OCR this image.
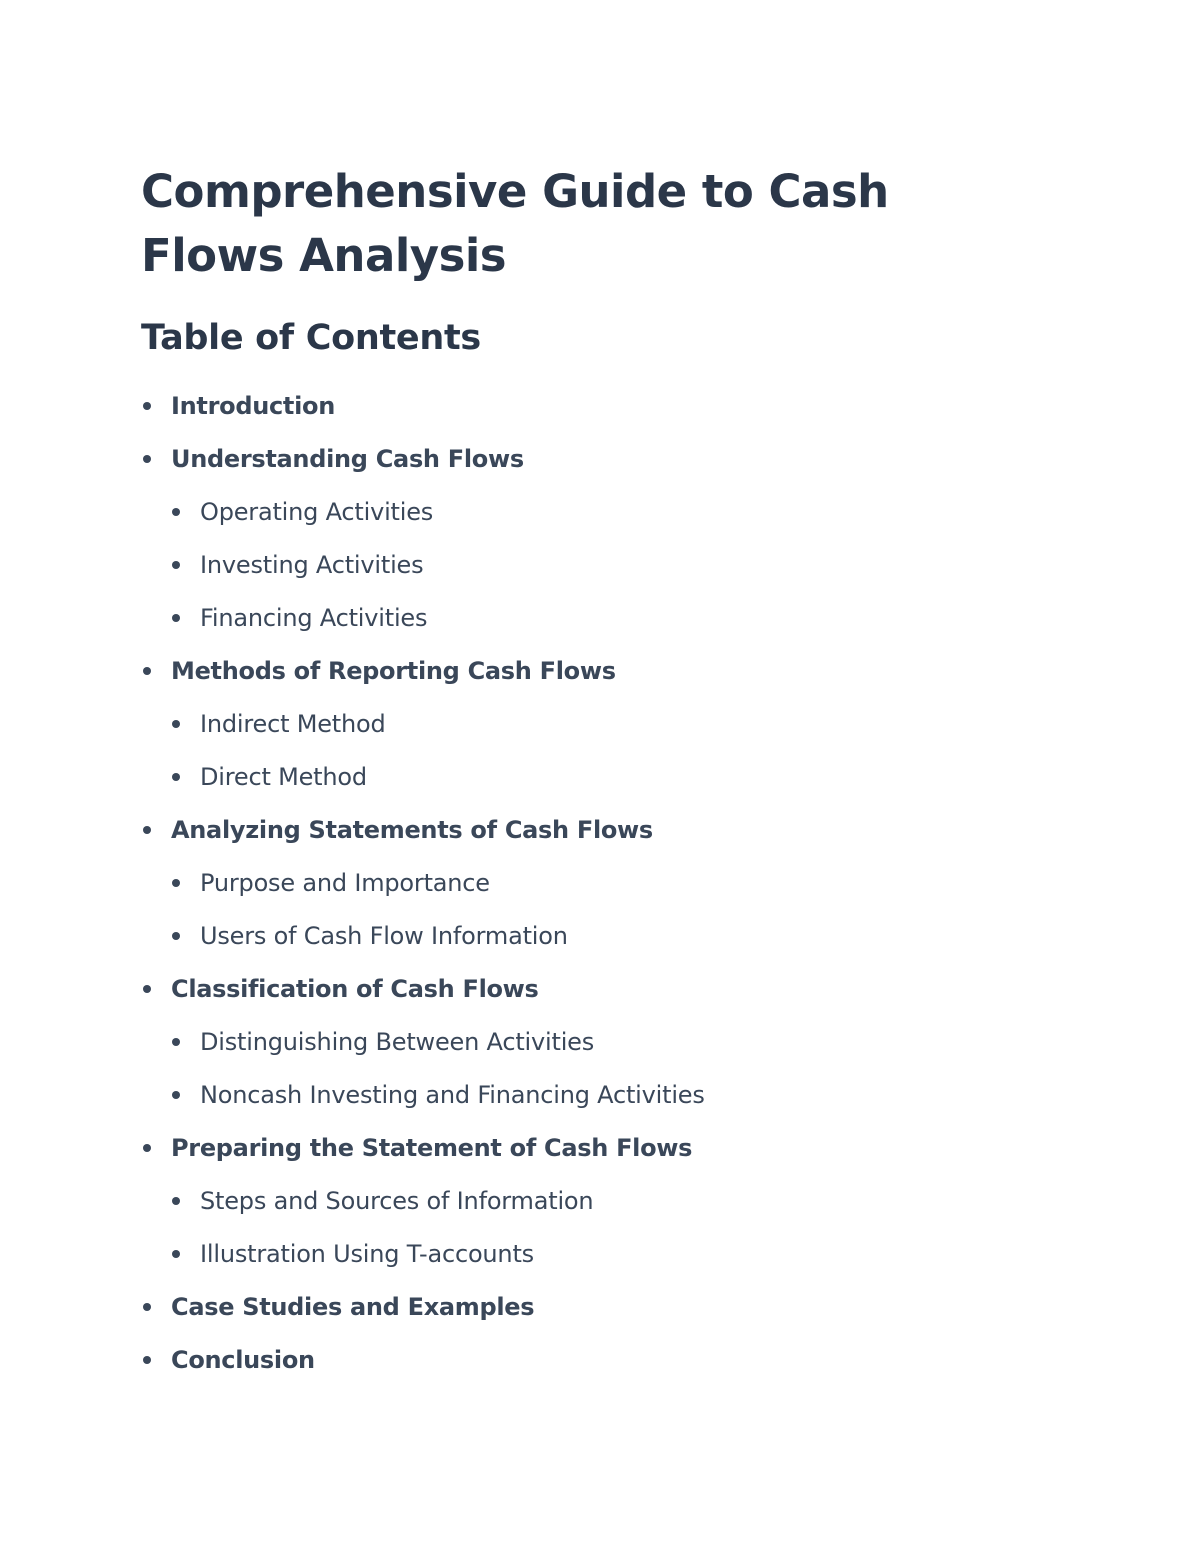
Comprehensive Guide to Cash Flows Analysis
Table of Contents
Introduction
Understanding Cash Flows
Operating Activities
Investing Activities
Financing Activities
Methods of Reporting Cash Flows
Indirect Method
Direct Method
Analyzing Statements of Cash Flows
Purpose and Importance
Users of Cash Flow Information
Classification of Cash Flows
Distinguishing Between Activities
Noncash Investing and Financing Activities
Preparing the Statement of Cash Flows
Steps and Sources of Information
Illustration Using T-accounts
Case Studies and Examples
Conclusion
